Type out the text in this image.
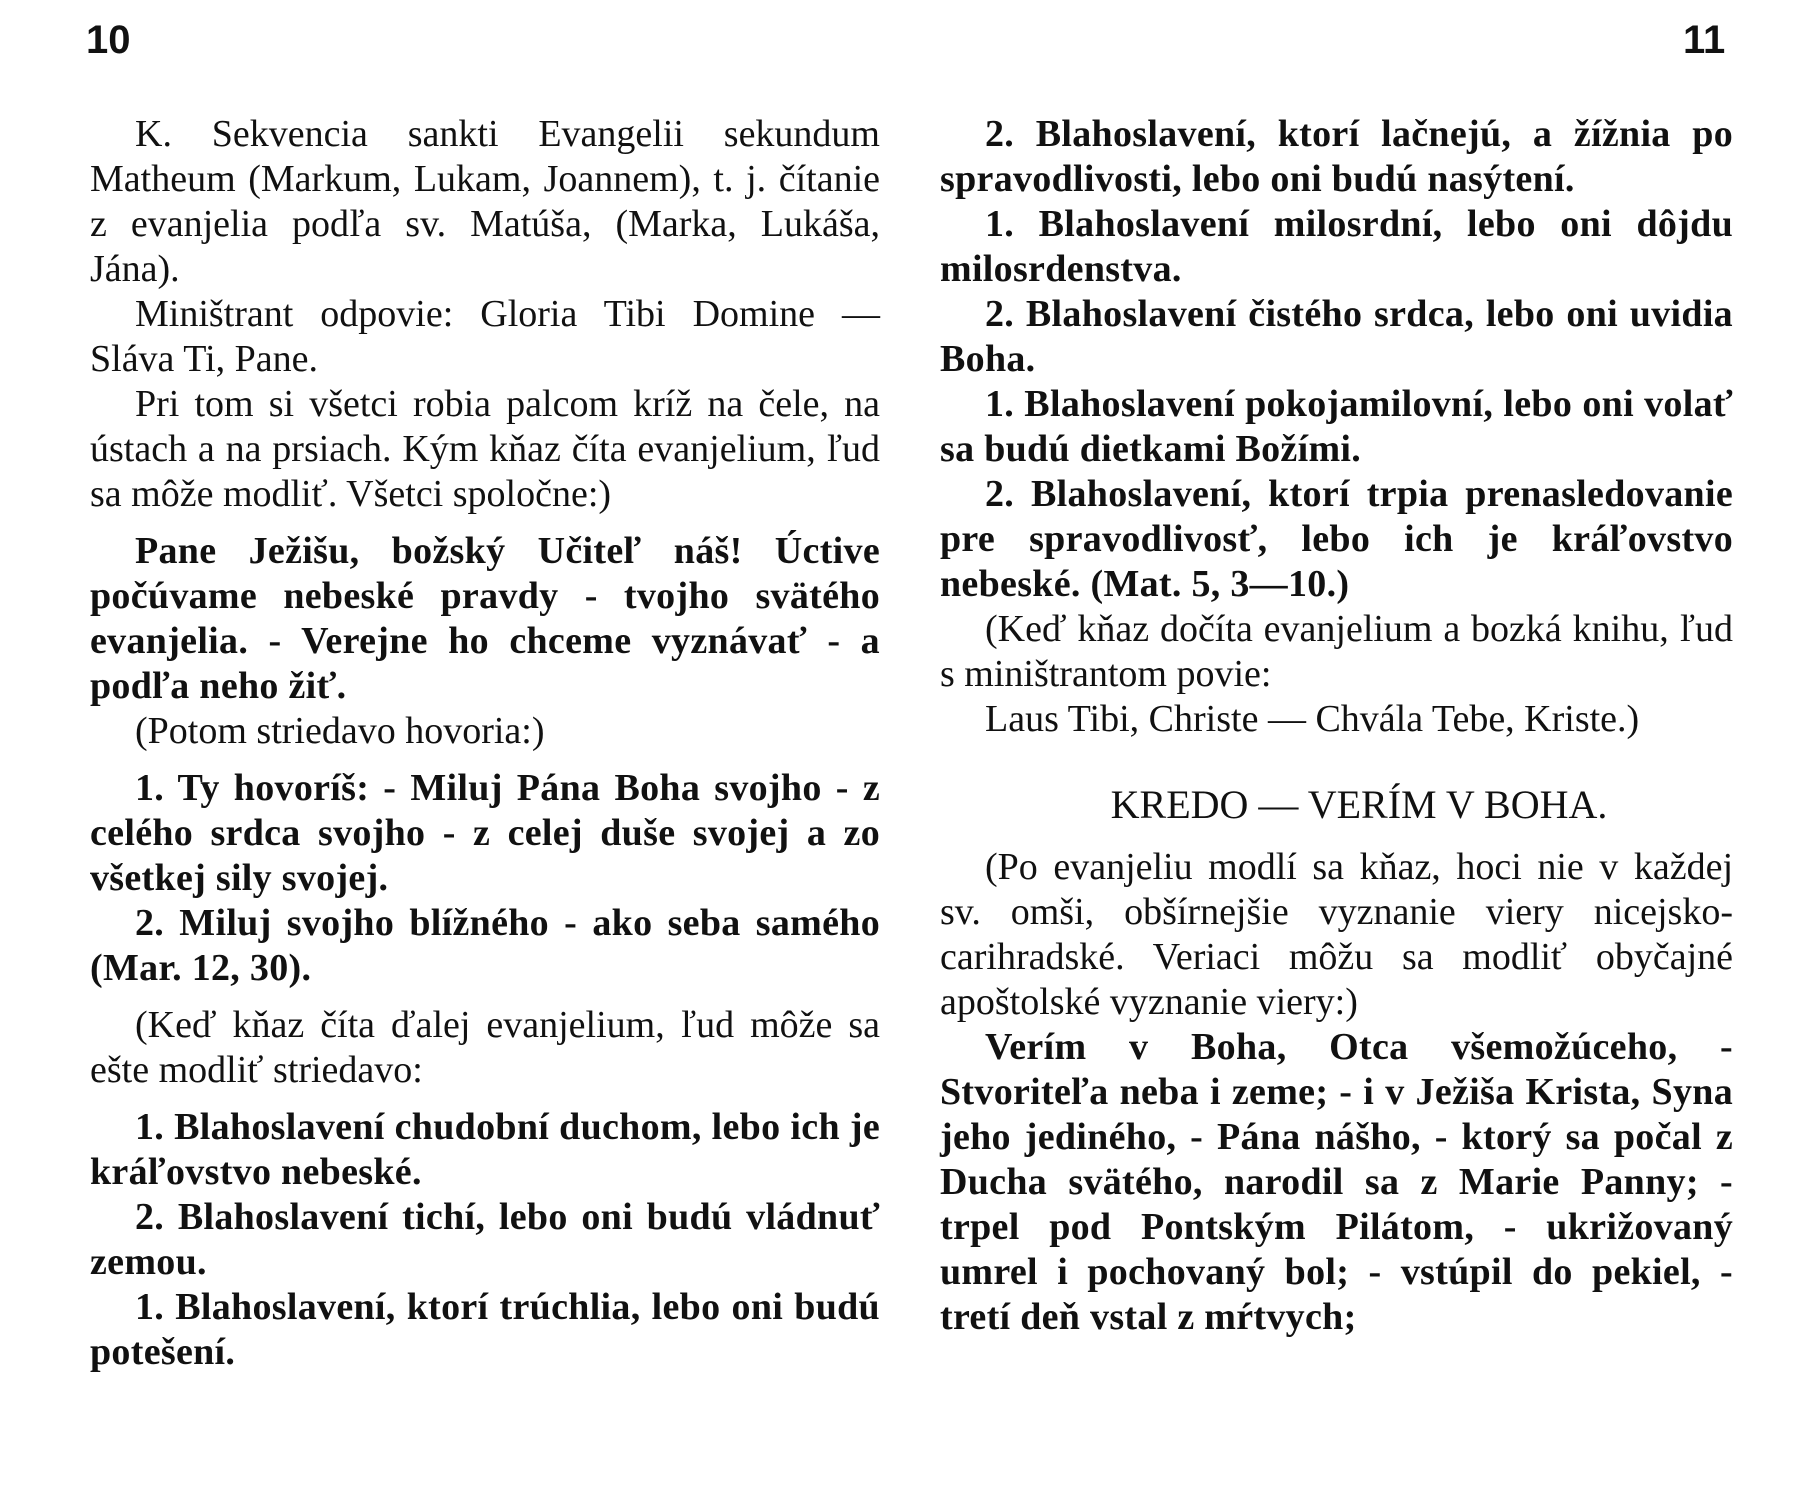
10	11

K. Sekvencia sankti Evangelii sekundum Matheum (Markum, Lukam, Joannem), t. j. čítanie z evanjelia podľa sv. Matúša, (Marka, Lukáša, Jána).

Miništrant odpovie: Gloria Tibi Domine — Sláva Ti, Pane.

Pri tom si všetci robia palcom kríž na čele, na ústach a na prsiach. Kým kňaz číta evanjelium, ľud sa môže modliť. Všetci spoločne:)

Pane Ježišu, božský Učiteľ náš! Úctive počúvame nebeské pravdy - tvojho svätého evanjelia. - Verejne ho chceme vyznávať - a podľa neho žiť.

(Potom striedavo hovoria:)

1. Ty hovoríš: - Miluj Pána Boha svojho - z celého srdca svojho - z celej duše svojej a zo všetkej sily svojej.

2. Miluj svojho blížného - ako seba samého (Mar. 12, 30).

(Keď kňaz číta ďalej evanjelium, ľud môže sa ešte modliť striedavo:

1. Blahoslavení chudobní duchom, lebo ich je kráľovstvo nebeské.

2. Blahoslavení tichí, lebo oni budú vládnuť zemou.

1. Blahoslavení, ktorí trúchlia, lebo oni budú potešení.

2. Blahoslavení, ktorí lačnejú, a žížnia po spravodlivosti, lebo oni budú nasýtení.

1. Blahoslavení milosrdní, lebo oni dôjdu milosrdenstva.

2. Blahoslavení čistého srdca, lebo oni uvidia Boha.

1. Blahoslavení pokojamilovní, lebo oni volať sa budú dietkami Božími.

2. Blahoslavení, ktorí trpia prenasledovanie pre spravodlivosť, lebo ich je kráľovstvo nebeské. (Mat. 5, 3—10.)

(Keď kňaz dočíta evanjelium a bozká knihu, ľud s miništrantom povie:

Laus Tibi, Christe — Chvála Tebe, Kriste.)

KREDO — VERÍM V BOHA.

(Po evanjeliu modlí sa kňaz, hoci nie v každej sv. omši, obšírnejšie vyznanie viery nicejsko-carihradské. Veriaci môžu sa modliť obyčajné apoštolské vyznanie viery:)

Verím v Boha, Otca všemožúceho, - Stvoriteľa neba i zeme; - i v Ježiša Krista, Syna jeho jediného, - Pána nášho, - ktorý sa počal z Ducha svätého, narodil sa z Marie Panny; - trpel pod Pontským Pilátom, - ukrižovaný umrel i pochovaný bol; - vstúpil do pekiel, - tretí deň vstal z mŕtvych;
